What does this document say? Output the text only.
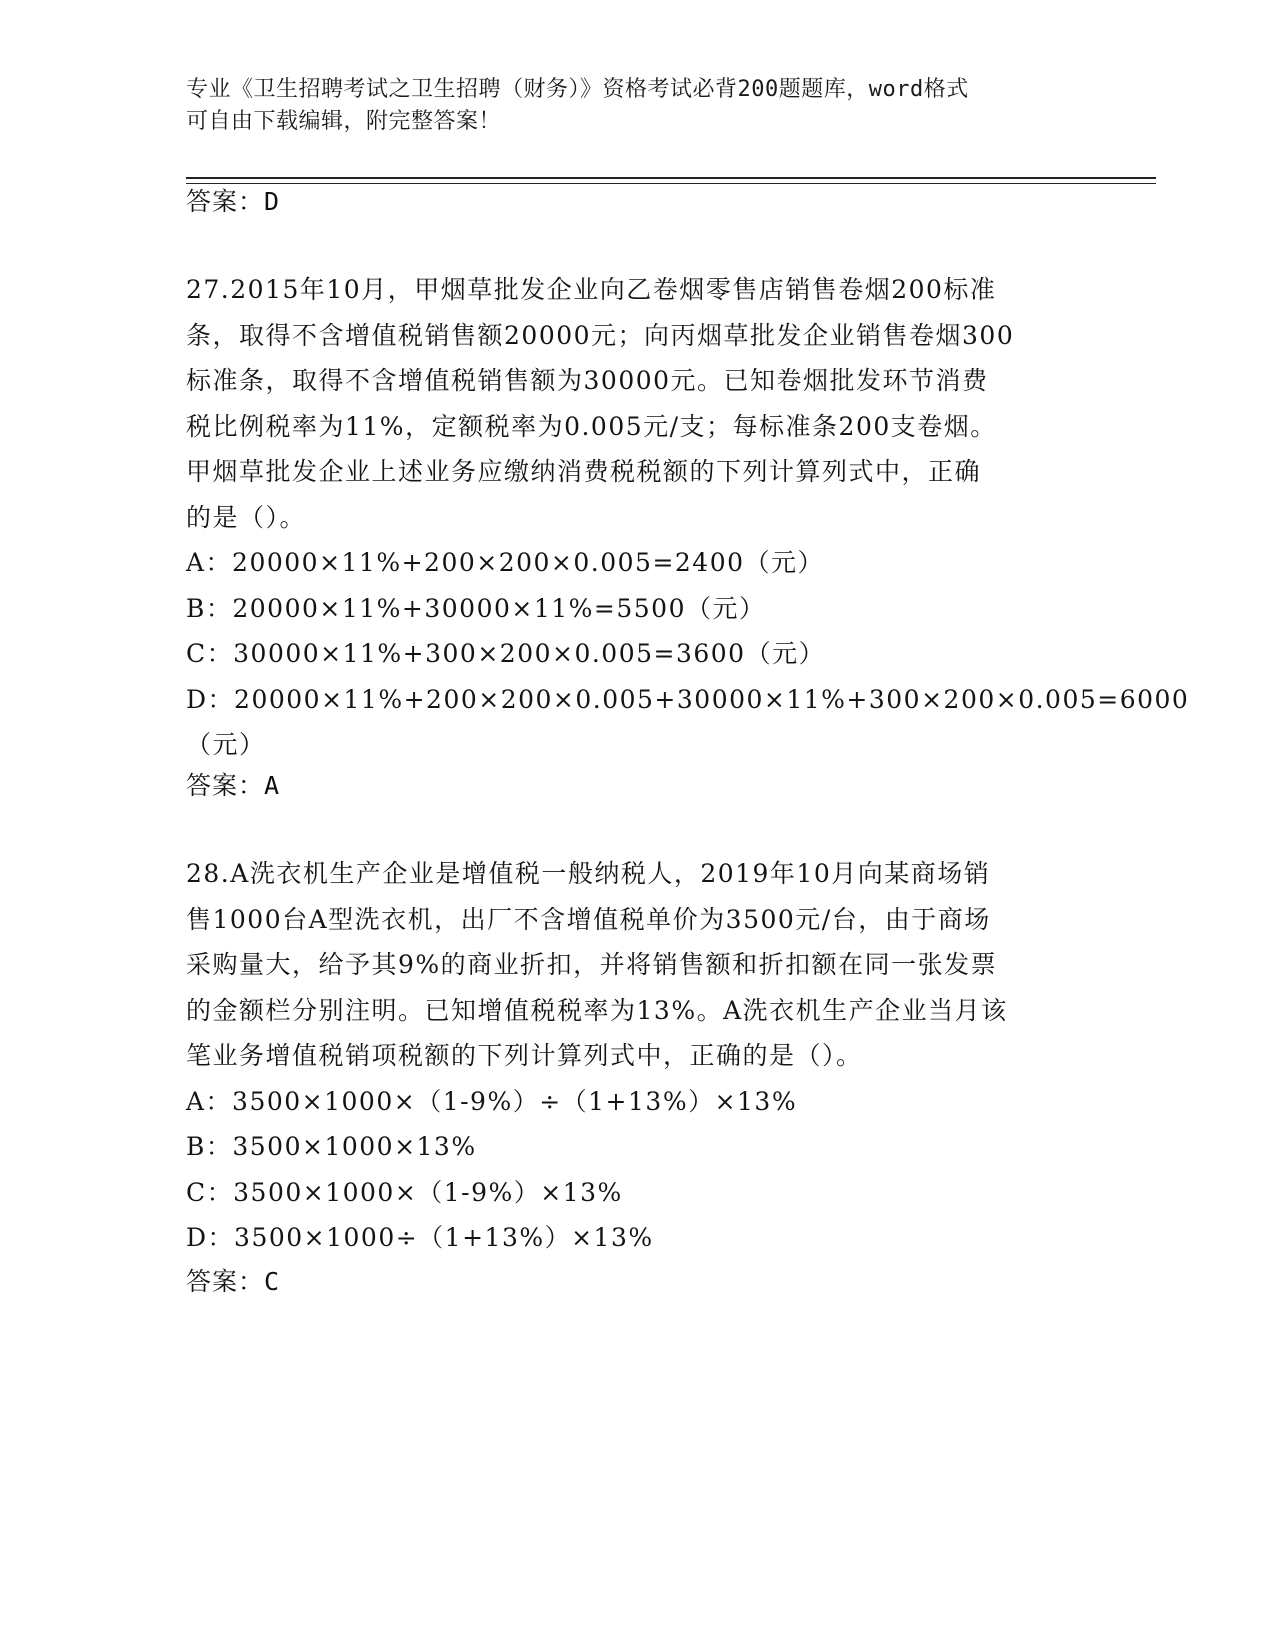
专业《卫生招聘考试之卫生招聘（财务）》资格考试必背200题题库，word格式
可自由下载编辑，附完整答案！
答案：D
27.2015年10月，甲烟草批发企业向乙卷烟零售店销售卷烟200标准
条，取得不含增值税销售额20000元；向丙烟草批发企业销售卷烟300
标准条，取得不含增值税销售额为30000元。已知卷烟批发环节消费
税比例税率为11%，定额税率为0.005元/支；每标准条200支卷烟。
甲烟草批发企业上述业务应缴纳消费税税额的下列计算列式中，正确
的是（）。
A：20000×11%+200×200×0.005=2400（元）
B：20000×11%+30000×11%=5500（元）
C：30000×11%+300×200×0.005=3600（元）
D：20000×11%+200×200×0.005+30000×11%+300×200×0.005=6000
（元）
答案：A
28.A洗衣机生产企业是增值税一般纳税人，2019年10月向某商场销
售1000台A型洗衣机，出厂不含增值税单价为3500元/台，由于商场
采购量大，给予其9%的商业折扣，并将销售额和折扣额在同一张发票
的金额栏分别注明。已知增值税税率为13%。A洗衣机生产企业当月该
笔业务增值税销项税额的下列计算列式中，正确的是（）。
A：3500×1000×（1-9%）÷（1+13%）×13%
B：3500×1000×13%
C：3500×1000×（1-9%）×13%
D：3500×1000÷（1+13%）×13%
答案：C
